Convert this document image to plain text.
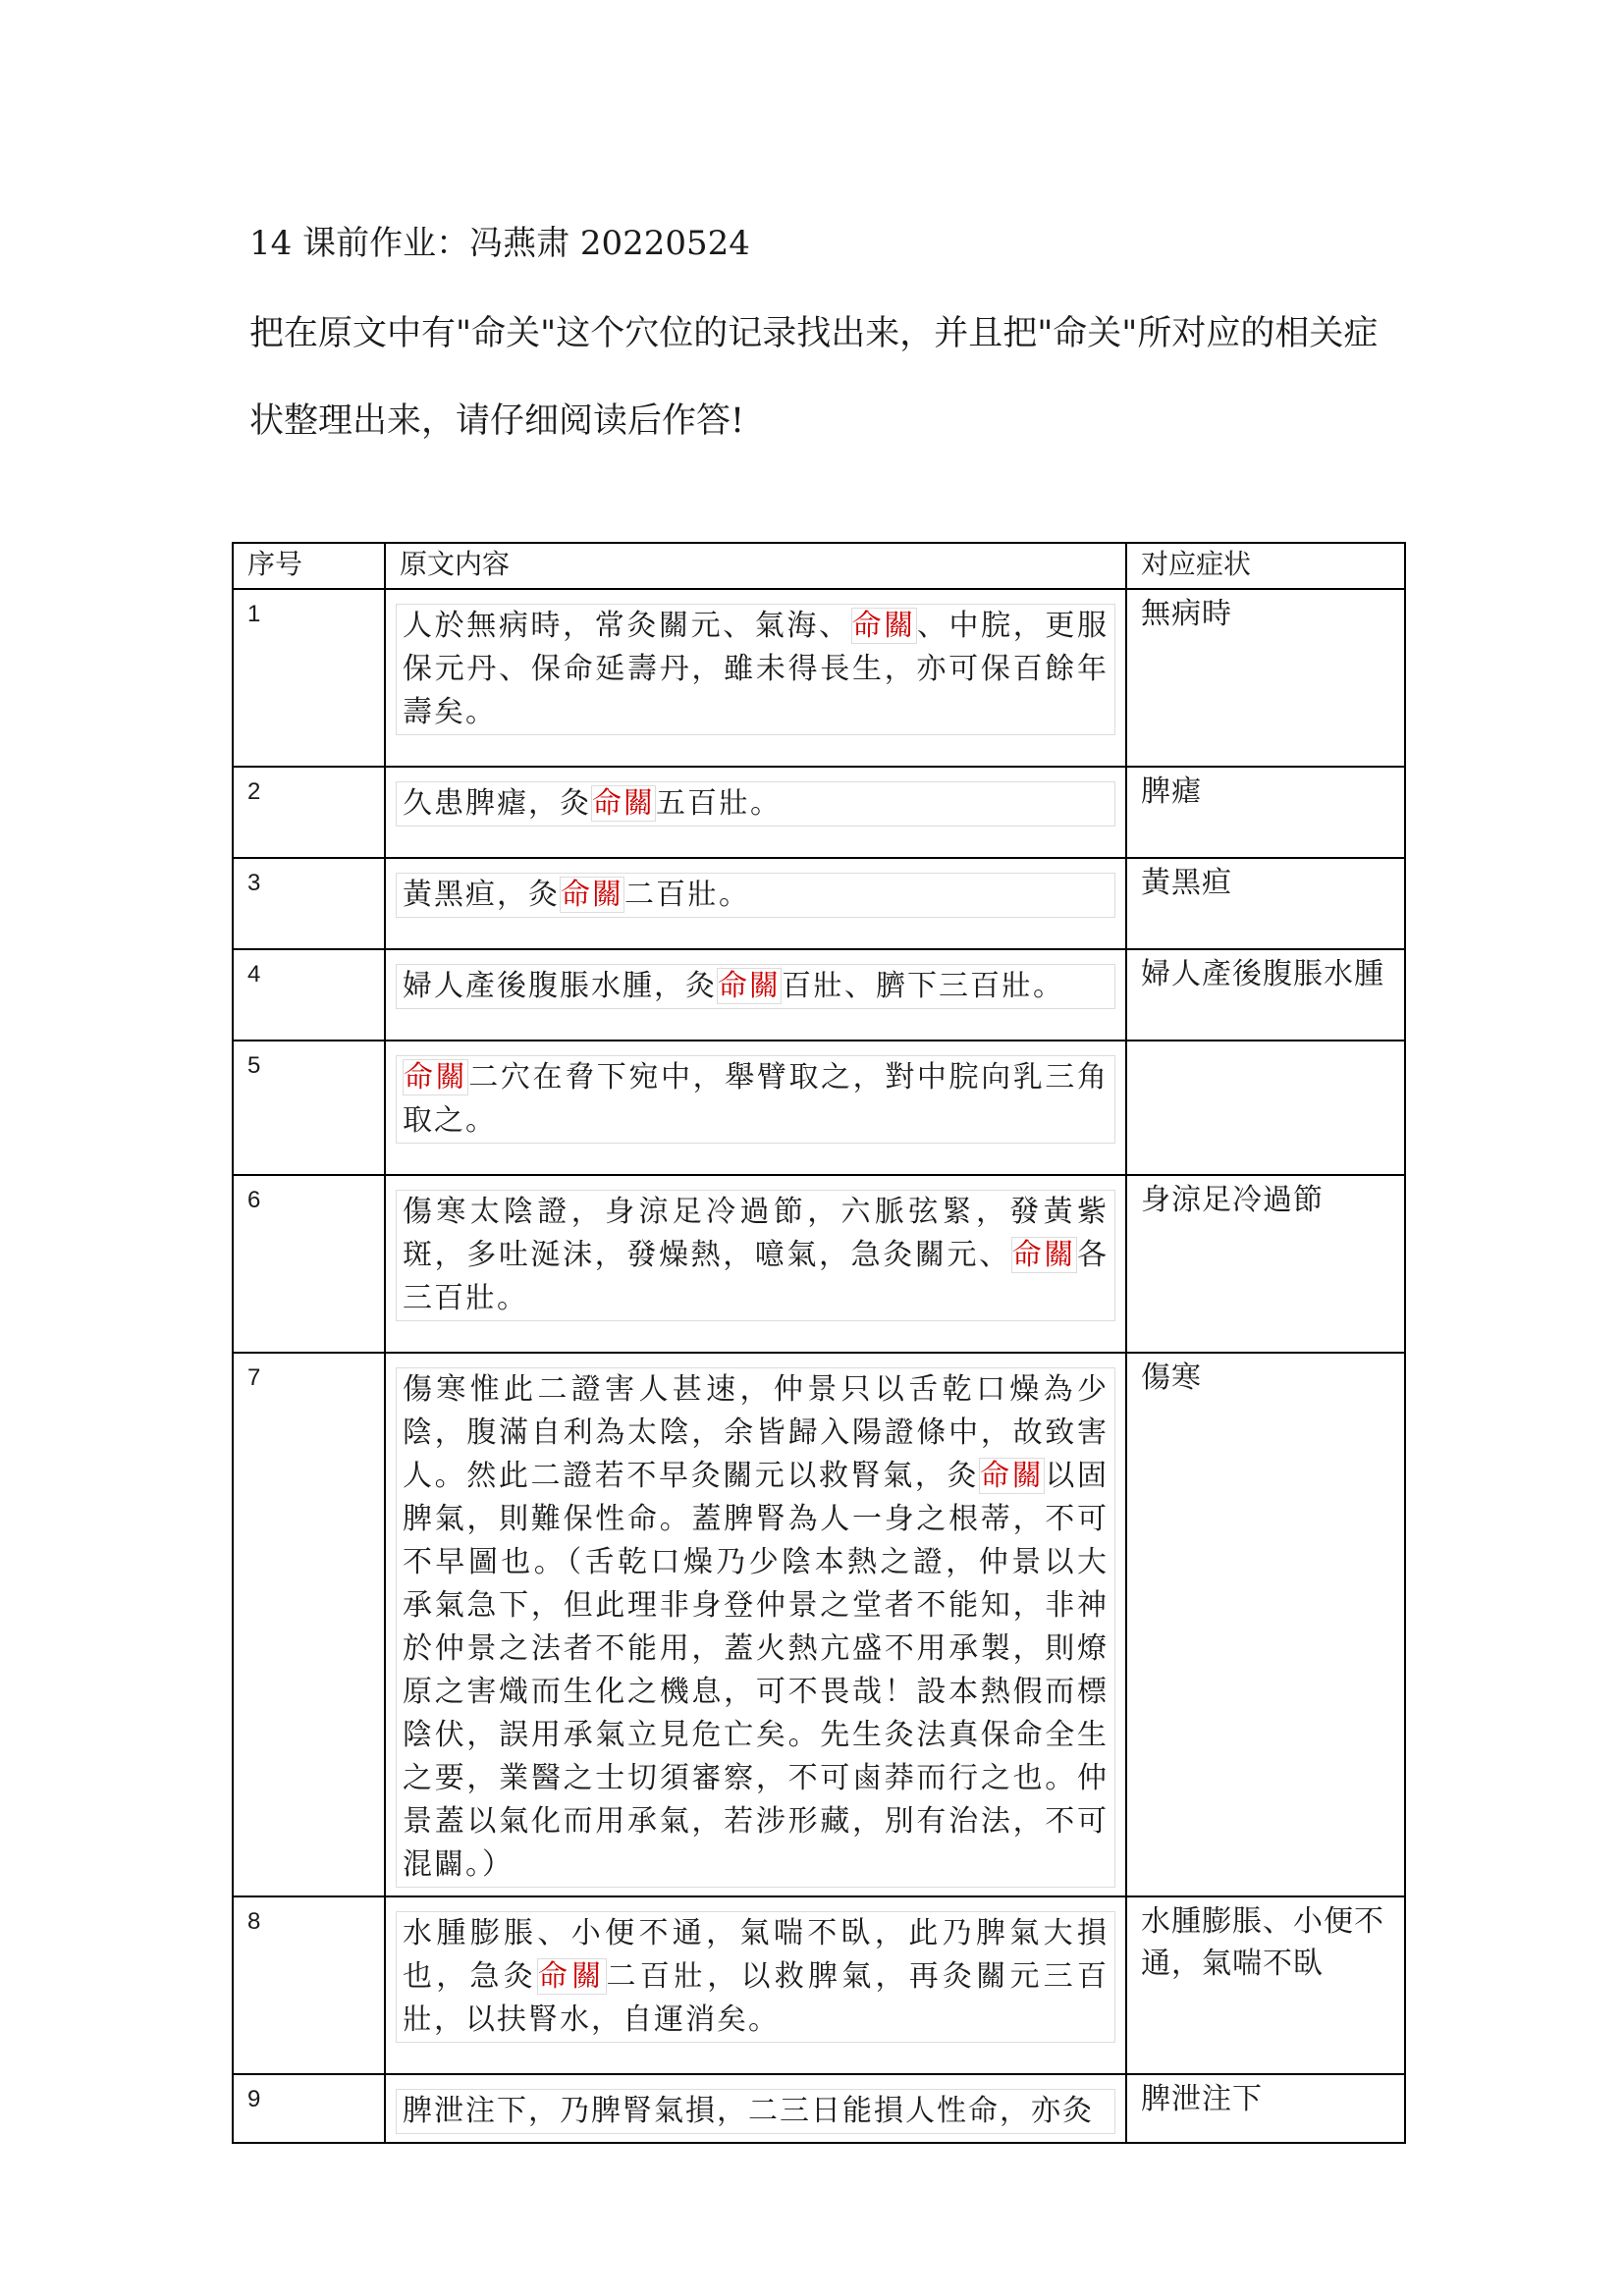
14 课前作业：冯燕肃 20220524
把在原文中有"命关"这个穴位的记录找出来，并且把"命关"所对应的相关症状整理出来，请仔细阅读后作答!
序号	原文内容	对应症状
1	人於無病時，常灸關元、氣海、命關、中脘，更服保元丹、保命延壽丹，雖未得長生，亦可保百餘年壽矣。	無病時
2	久患脾瘧，灸命關五百壯。	脾瘧
3	黃黑疸，灸命關二百壯。	黃黑疸
4	婦人產後腹脹水腫，灸命關百壯、臍下三百壯。	婦人產後腹脹水腫
5	命關二穴在脅下宛中，舉臂取之，對中脘向乳三角取之。	

6	傷寒太陰證，身涼足冷過節，六脈弦緊，發黃紫斑，多吐涎沫，發燥熱，噫氣，急灸關元、命關各三百壯。	身涼足冷過節
7	傷寒惟此二證害人甚速，仲景只以舌乾口燥為少陰，腹滿自利為太陰，余皆歸入陽證條中，故致害人。然此二證若不早灸關元以救腎氣，灸命關以固脾氣，則難保性命。蓋脾腎為人一身之根蒂，不可不早圖也。（舌乾口燥乃少陰本熱之證，仲景以大承氣急下，但此理非身登仲景之堂者不能知，非神於仲景之法者不能用，蓋火熱亢盛不用承製，則燎原之害熾而生化之機息，可不畏哉！設本熱假而標陰伏，誤用承氣立見危亡矣。先生灸法真保命全生之要，業醫之士切須審察，不可鹵莽而行之也。仲景蓋以氣化而用承氣，若涉形藏，別有治法，不可混闢。）	傷寒
8	水腫膨脹、小便不通，氣喘不臥，此乃脾氣大損也，急灸命關二百壯，以救脾氣，再灸關元三百壯，以扶腎水，自運消矣。	水腫膨脹、小便不通，氣喘不臥
9	脾泄注下，乃脾腎氣損，二三日能損人性命，亦灸	脾泄注下
